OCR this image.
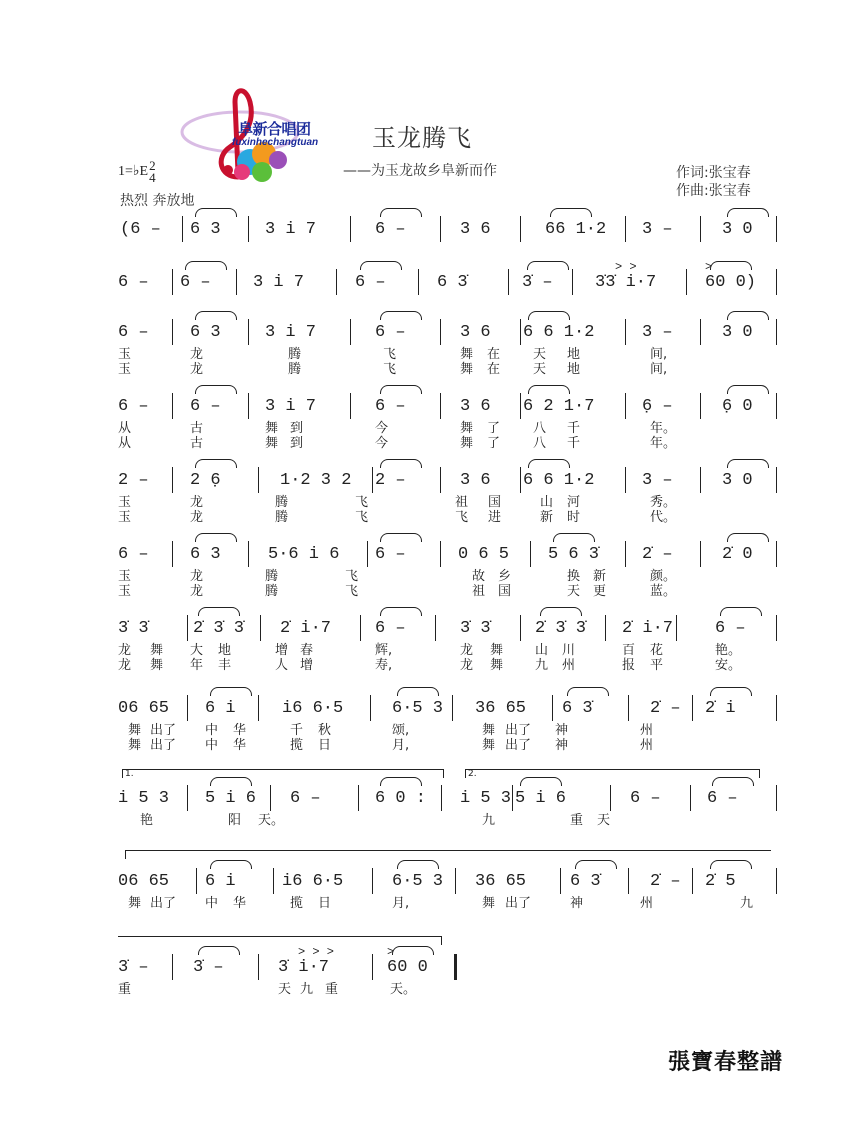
阜新合唱团
fuxinhechangtuan 玉龙腾飞
——为玉龙故乡阜新而作	作词:张宝春
作曲:张宝春
1=♭E2
4
热烈 奔放地
(6 – 6 3	3 i 7	6 –	3 6	66 1·2 3 –	3 0
6 – 6 – 3 i 7	6 –	6 3̇	3̇ – 3̇3̇ i·7	60 0)
> >	>
6 – 6 3	3 i 7	6 –	3 6 6 6 1·2	3 –	3 0
玉	龙	腾	飞	舞 在	天 地	间,
玉	龙	腾	飞	舞 在	天 地	间,
6 – 6 –	3 i 7	6 –	3 6 6 2 1·7	6̣ –	6̣ 0
从	古	舞 到	今	舞 了	八 千	年。
从	古	舞 到	今	舞 了	八 千	年。
2 – 2 6̣	1·2 3 2 2 –	3 6 6 6 1·2	3 –	3 0
玉	龙	腾	飞	祖 国	山 河	秀。
玉	龙	腾	飞	飞 进	新 时	代。
6 – 6 3	5·6 i 6 6 –	0 6 5 5 6 3̇	2̇ –	2̇ 0
玉	龙	腾	飞	故 乡	换 新	颜。
玉	龙	腾	飞	祖 国	天 更	蓝。
3̇ 3̇	2̇ 3̇ 3̇ 2̇ i·7	6 –	3̇ 3̇	2̇ 3̇ 3̇ 2̇ i·7 6 –
龙 舞 大 地	增 春	辉,	龙 舞 山 川	百 花	艳。
龙 舞 年 丰	人 增	寿,	龙 舞 九 州	报 平	安。
06 65 6 i	i6 6·5	6·5 3 36 65 6 3̇	2̇ – 2̇ i
舞 出了 中 华	千 秋	颂,	舞 出了 神	州
舞 出了 中 华	揽 日	月,	舞 出了 神	州
i 5 3 5 i 6 6 –	6 0 : i 5 3 5 i 6	6 –	6 –
1.	2.
艳	阳 天。	九	重 天
06 65 6 i	i6 6·5	6·5 3 36 65	6 3̇	2̇ – 2̇ 5
舞 出了 中 华	揽 日	月,	舞 出了	神	州	九
3̇ –	3̇ –	3̇ i·7	60 0
> > >	>
重	天 九 重	天。
張寶春整譜
